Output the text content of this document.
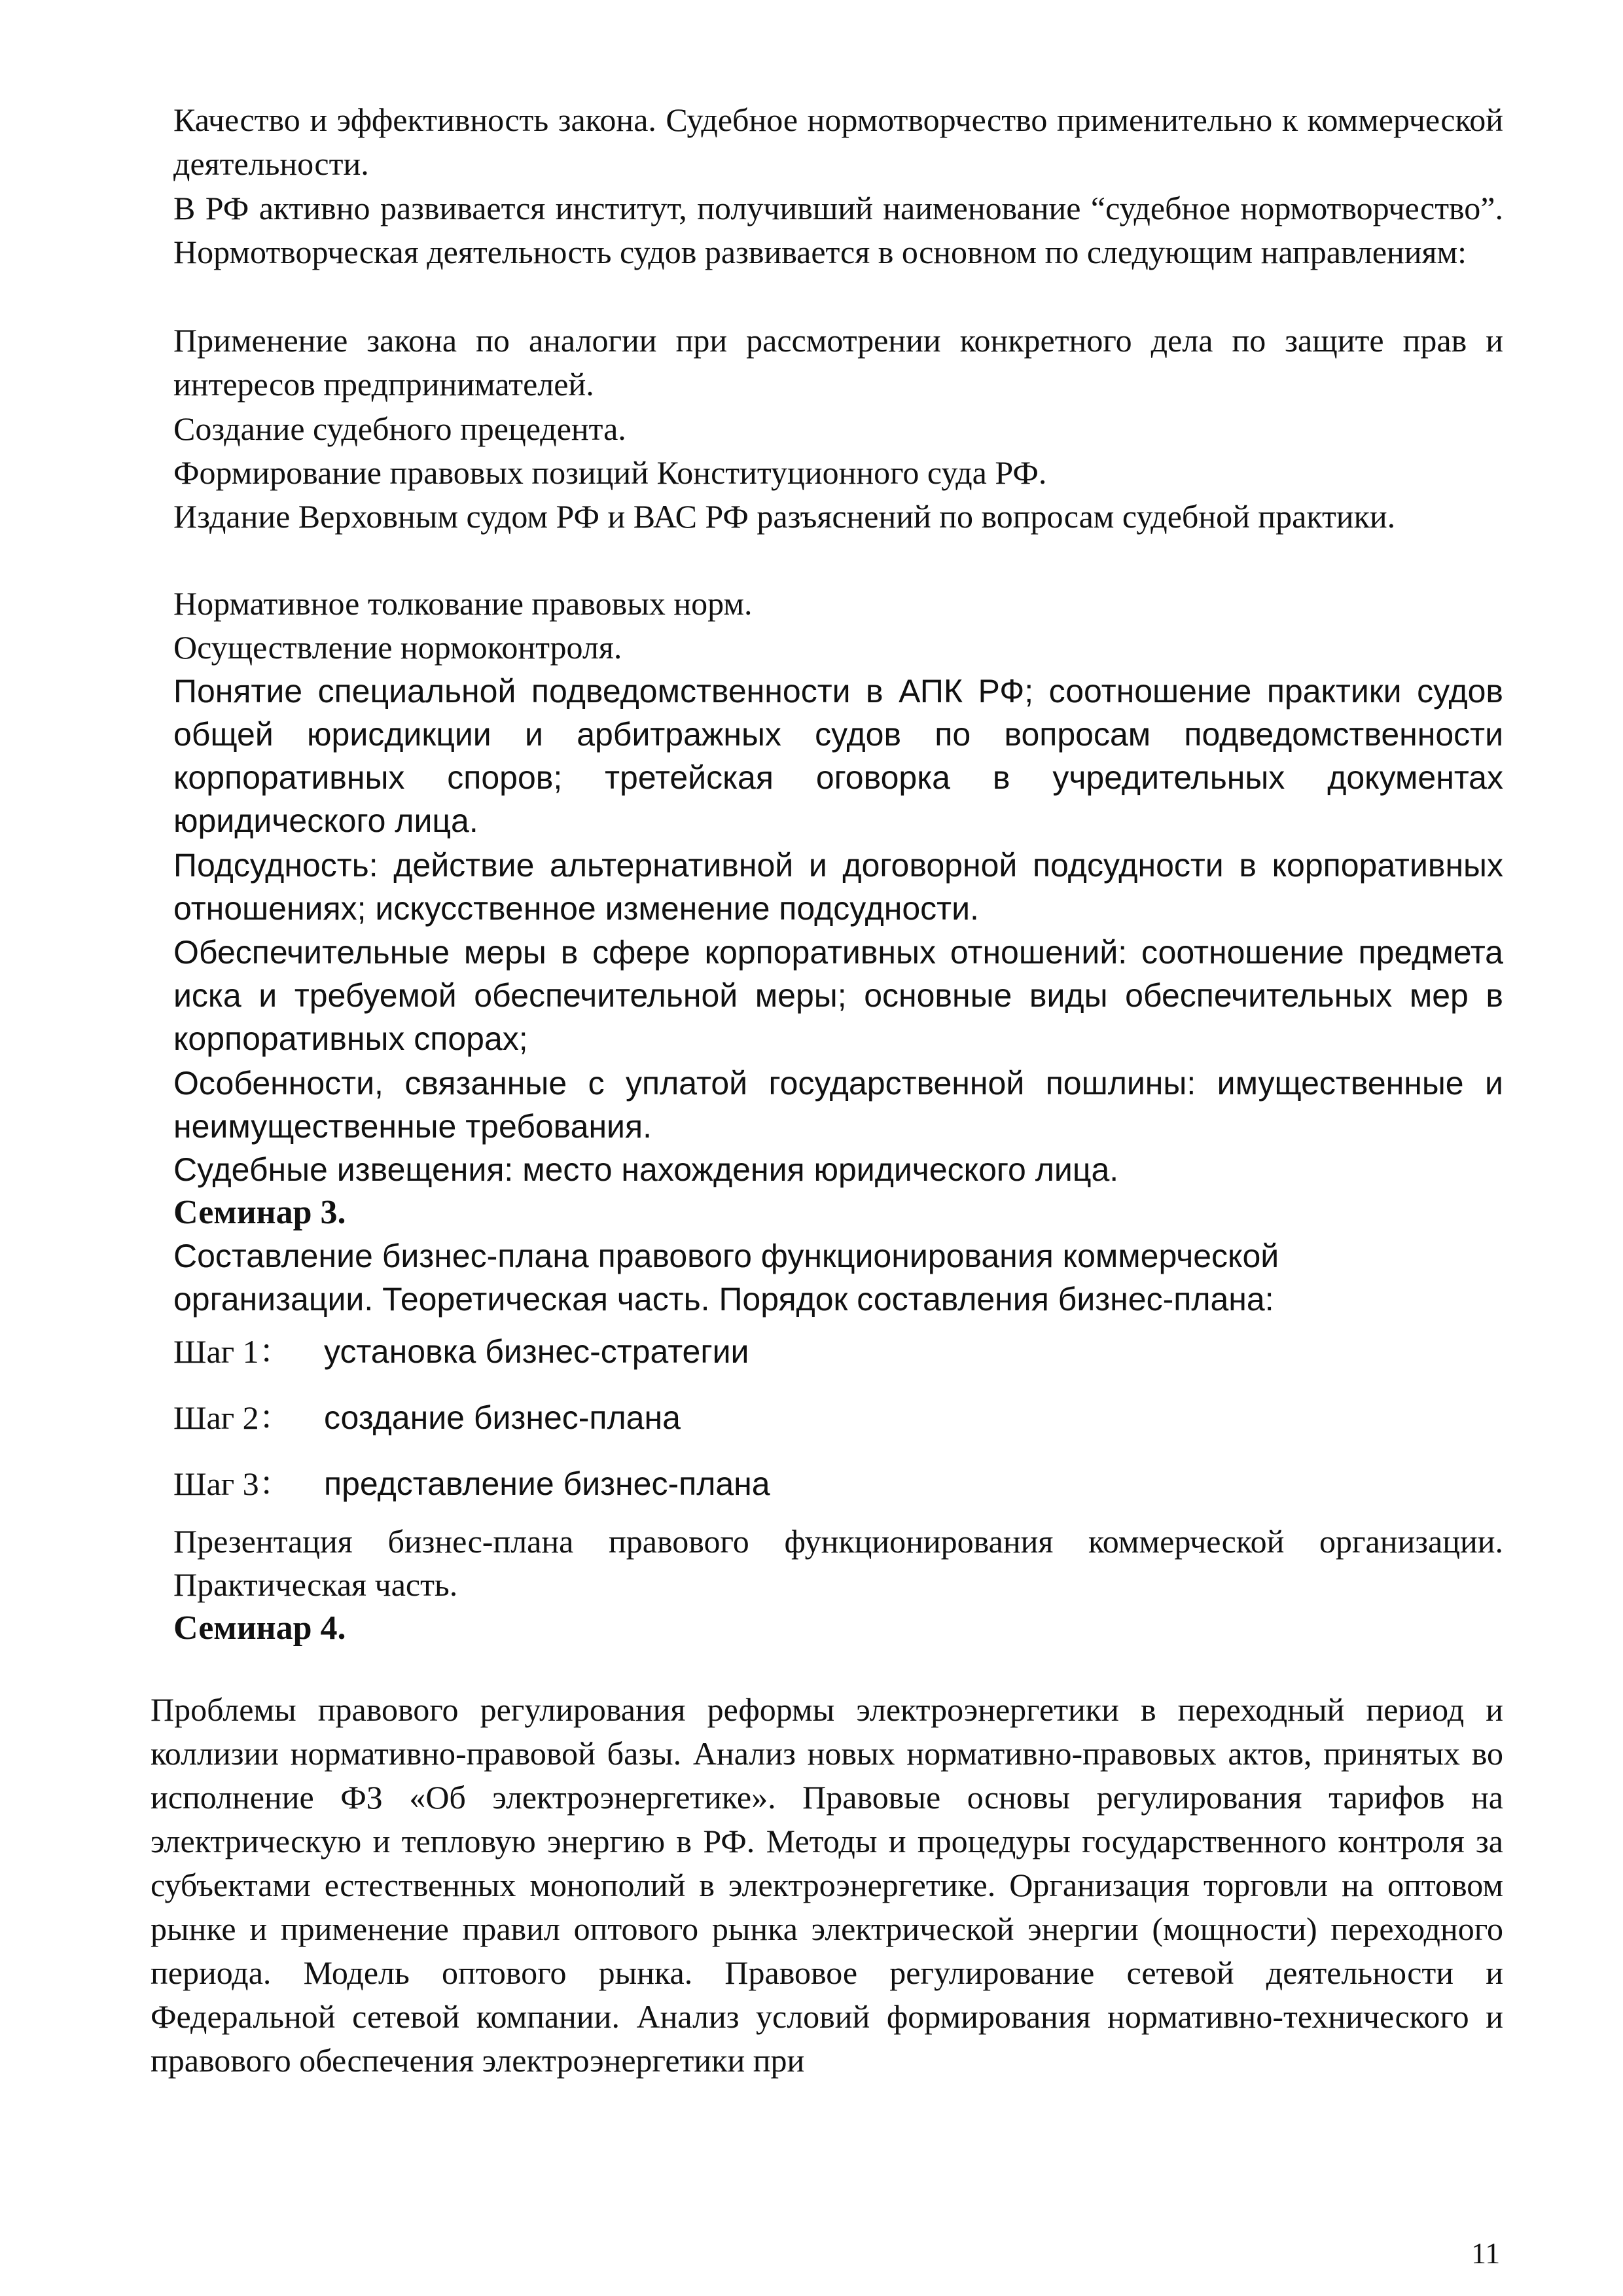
Качество и эффективность закона. Судебное нормотворчество применительно к коммерческой деятельности.

В РФ активно развивается институт, получивший наименование “судебное нормотворчество”. Нормотворческая деятельность судов развивается в основном по следующим направлениям:

Применение закона по аналогии при рассмотрении конкретного дела по защите прав и интересов предпринимателей.

Создание судебного прецедента.

Формирование правовых позиций Конституционного суда РФ.

Издание Верховным судом РФ и ВАС РФ разъяснений по вопросам судебной практики.

Нормативное толкование правовых норм.

Осуществление нормоконтроля.

Понятие специальной подведомственности в АПК РФ; соотношение практики судов общей юрисдикции и арбитражных судов по вопросам подведомственности корпоративных споров; третейская оговорка в учредительных документах юридического лица.

Подсудность: действие альтернативной и договорной подсудности в корпоративных отношениях; искусственное изменение подсудности.

Обеспечительные меры в сфере корпоративных отношений: соотношение предмета иска и требуемой обеспечительной меры; основные виды обеспечительных мер в корпоративных спорах;

Особенности, связанные с уплатой государственной пошлины: имущественные и неимущественные требования.

Судебные извещения: место нахождения юридического лица.

Семинар 3.

Составление бизнес-плана правового функционирования коммерческой организации. Теоретическая часть. Порядок составления бизнес-плана:

Шаг 1： установка бизнес-стратегии

Шаг 2： создание бизнес-плана

Шаг 3： представление бизнес-плана

Презентация бизнес-плана правового функционирования коммерческой организации. Практическая часть.

Семинар 4.

Проблемы правового регулирования реформы электроэнергетики в переходный период и коллизии нормативно-правовой базы. Анализ новых нормативно-правовых актов, принятых во исполнение ФЗ «Об электроэнергетике». Правовые основы регулирования тарифов на электрическую и тепловую энергию в РФ. Методы и процедуры государственного контроля за субъектами естественных монополий в электроэнергетике. Организация торговли на оптовом рынке и применение правил оптового рынка электрической энергии (мощности) переходного периода. Модель оптового рынка. Правовое регулирование сетевой деятельности и Федеральной сетевой компании. Анализ условий формирования нормативно-технического и правового обеспечения электроэнергетики при

11
